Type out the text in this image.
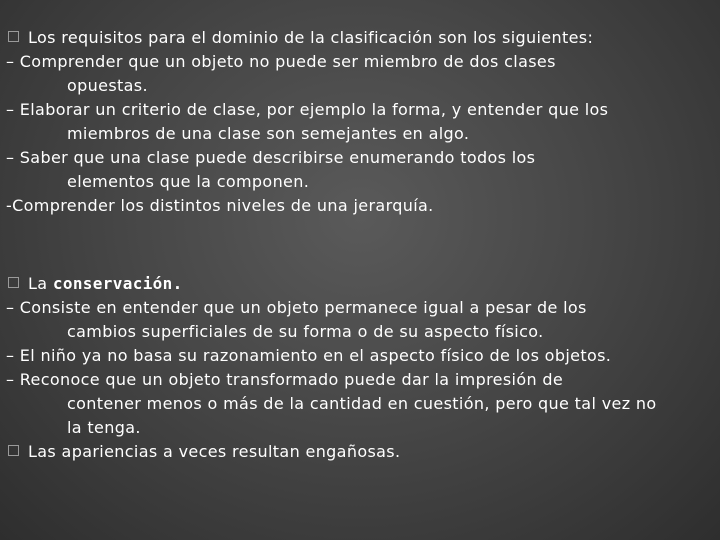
Los requisitos para el dominio de la clasificación son los siguientes:

– Comprender que un objeto no puede ser miembro de dos clases

opuestas.

– Elaborar un criterio de clase, por ejemplo la forma, y entender que los

miembros de una clase son semejantes en algo.

– Saber que una clase puede describirse enumerando todos los

elementos que la componen.

-Comprender los distintos niveles de una jerarquía.

La conservación.

– Consiste en entender que un objeto permanece igual a pesar de los

cambios superficiales de su forma o de su aspecto físico.

– El niño ya no basa su razonamiento en el aspecto físico de los objetos.

– Reconoce que un objeto transformado puede dar la impresión de

contener menos o más de la cantidad en cuestión, pero que tal vez no

la tenga.

Las apariencias a veces resultan engañosas.
